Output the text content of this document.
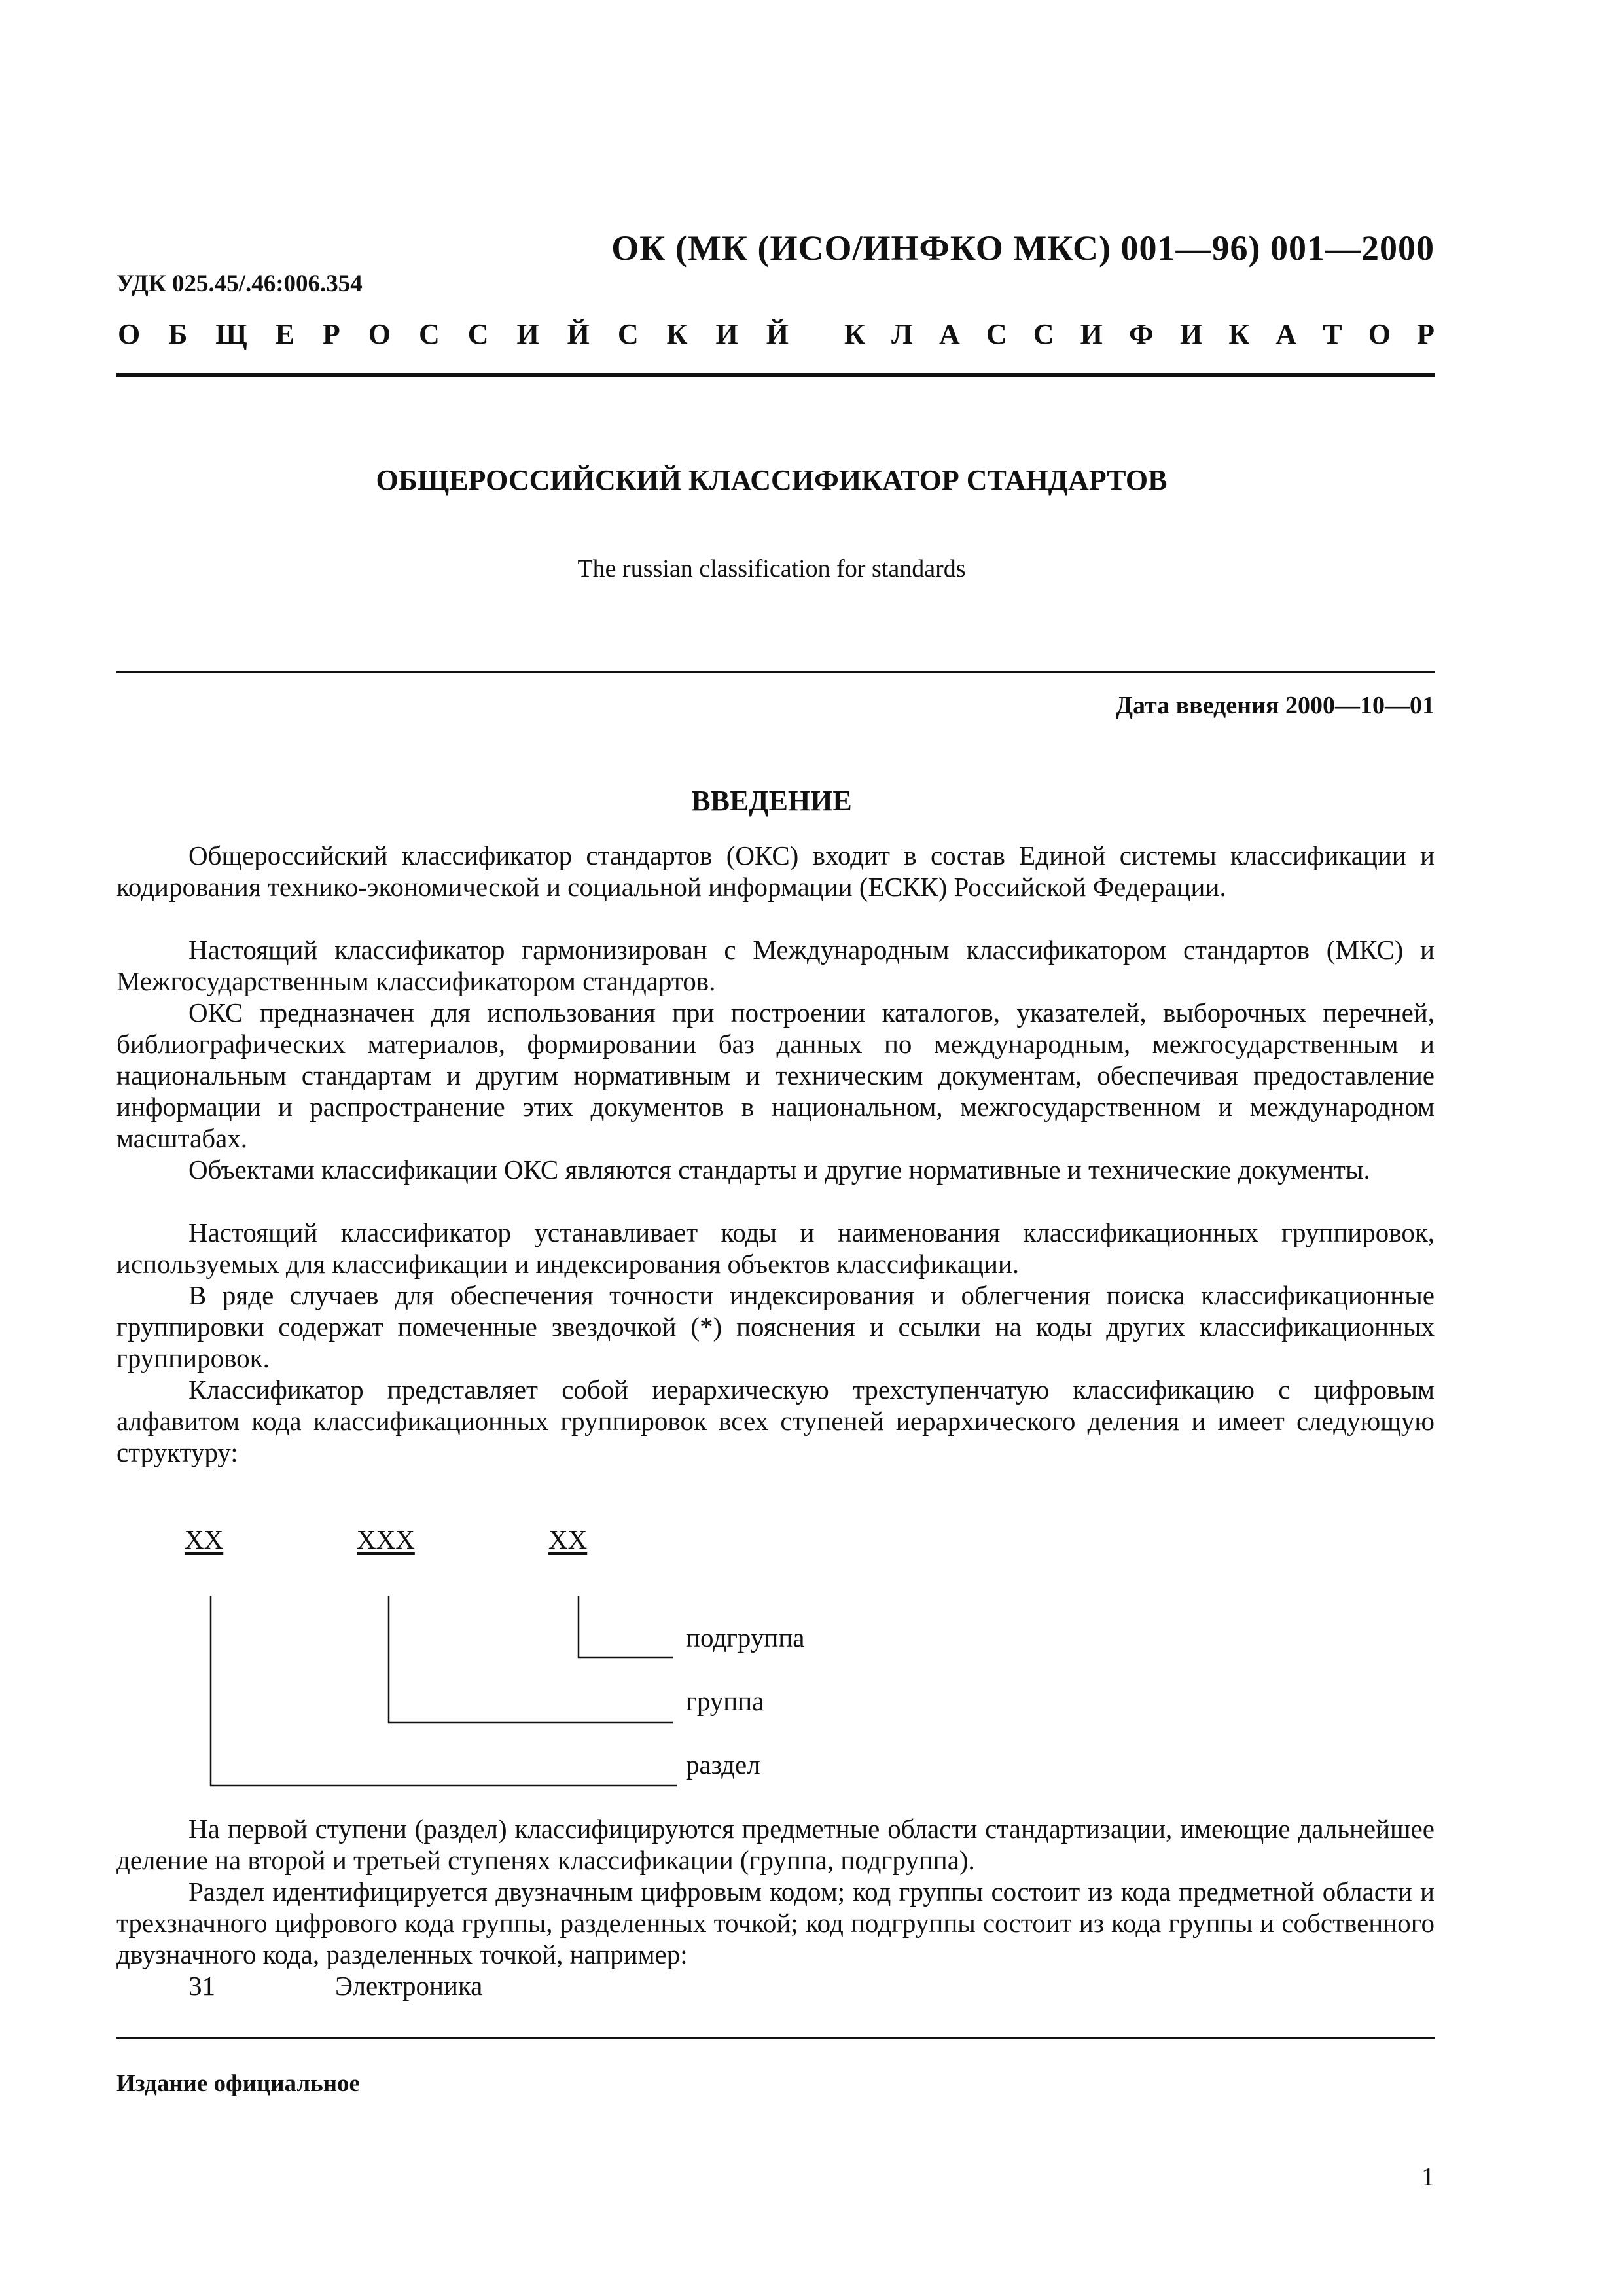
ОК (МК (ИСО/ИНФКО МКС) 001—96) 001—2000
УДК 025.45/.46:006.354
О Б Щ Е Р О С С И Й С К И Й К Л А С С И Ф И К А Т О Р
ОБЩЕРОССИЙСКИЙ КЛАССИФИКАТОР СТАНДАРТОВ
The russian classification for standards
Дата введения 2000—10—01
ВВЕДЕНИЕ

Общероссийский классификатор стандартов (ОКС) входит в состав Единой системы классификации и кодирования технико-экономической и социальной информации (ЕСКК) Российской Федерации.

Настоящий классификатор гармонизирован с Международным классификатором стандартов (МКС) и Межгосударственным классификатором стандартов.

ОКС предназначен для использования при построении каталогов, указателей, выборочных перечней, библиографических материалов, формировании баз данных по международным, межгосударственным и национальным стандартам и другим нормативным и техническим документам, обеспечивая предоставление информации и распространение этих документов в национальном, межгосударственном и международном масштабах.

Объектами классификации ОКС являются стандарты и другие нормативные и технические документы.

Настоящий классификатор устанавливает коды и наименования классификационных группировок, используемых для классификации и индексирования объектов классификации.

В ряде случаев для обеспечения точности индексирования и облегчения поиска классификационные группировки содержат помеченные звездочкой (*) пояснения и ссылки на коды других классификационных группировок.

Классификатор представляет собой иерархическую трехступенчатую классификацию с цифровым алфавитом кода классификационных группировок всех ступеней иерархического деления и имеет следующую структуру:

XX	XXX	XX
подгруппа
группа
раздел

На первой ступени (раздел) классифицируются предметные области стандартизации, имеющие дальнейшее деление на второй и третьей ступенях классификации (группа, подгруппа).

Раздел идентифицируется двузначным цифровым кодом; код группы состоит из кода предметной области и трехзначного цифрового кода группы, разделенных точкой; код подгруппы состоит из кода группы и собственного двузначного кода, разделенных точкой, например:

31	Электроника
Издание официальное
1
